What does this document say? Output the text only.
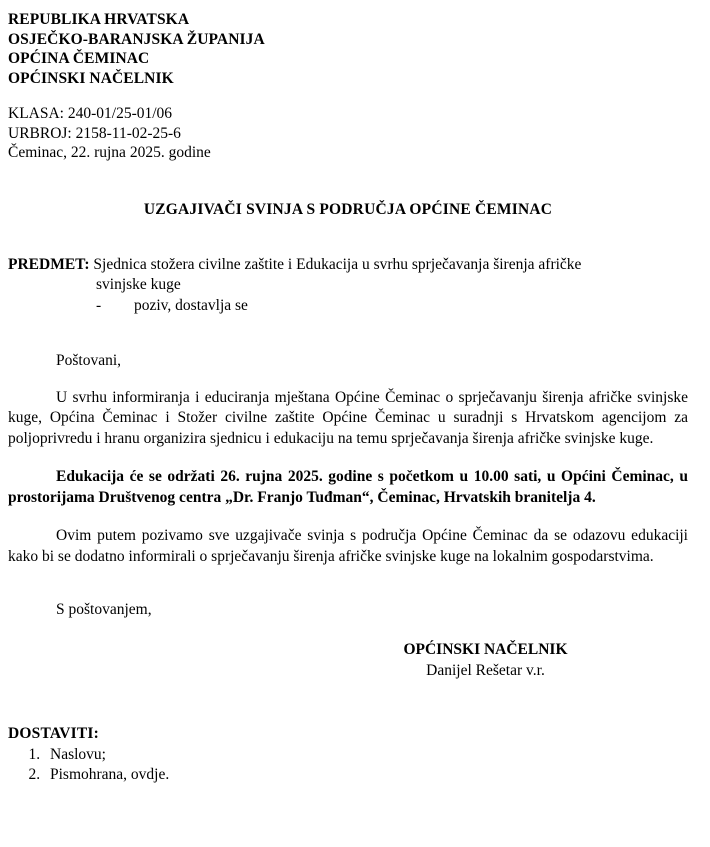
REPUBLIKA HRVATSKA
OSJEČKO-BARANJSKA ŽUPANIJA
OPĆINA ČEMINAC
OPĆINSKI NAČELNIK
KLASA: 240-01/25-01/06
URBROJ: 2158-11-02-25-6
Čeminac, 22. rujna 2025. godine
UZGAJIVAČI SVINJA S PODRUČJA OPĆINE ČEMINAC
PREDMET: Sjednica stožera civilne zaštite i Edukacija u svrhu sprječavanja širenja afričke
svinjske kuge
- poziv, dostavlja se
Poštovani,
U svrhu informiranja i educiranja mještana Općine Čeminac o sprječavanju širenja afričke svinjske kuge, Općina Čeminac i Stožer civilne zaštite Općine Čeminac u suradnji s Hrvatskom agencijom za poljoprivredu i hranu organizira sjednicu i edukaciju na temu sprječavanja širenja afričke svinjske kuge.
Edukacija će se održati 26. rujna 2025. godine s početkom u 10.00 sati, u Općini Čeminac, u prostorijama Društvenog centra „Dr. Franjo Tuđman“, Čeminac, Hrvatskih branitelja 4.
Ovim putem pozivamo sve uzgajivače svinja s područja Općine Čeminac da se odazovu edukaciji kako bi se dodatno informirali o sprječavanju širenja afričke svinjske kuge na lokalnim gospodarstvima.
S poštovanjem,
OPĆINSKI NAČELNIK
Danijel Rešetar v.r.
DOSTAVITI:
1. Naslovu;
2. Pismohrana, ovdje.
